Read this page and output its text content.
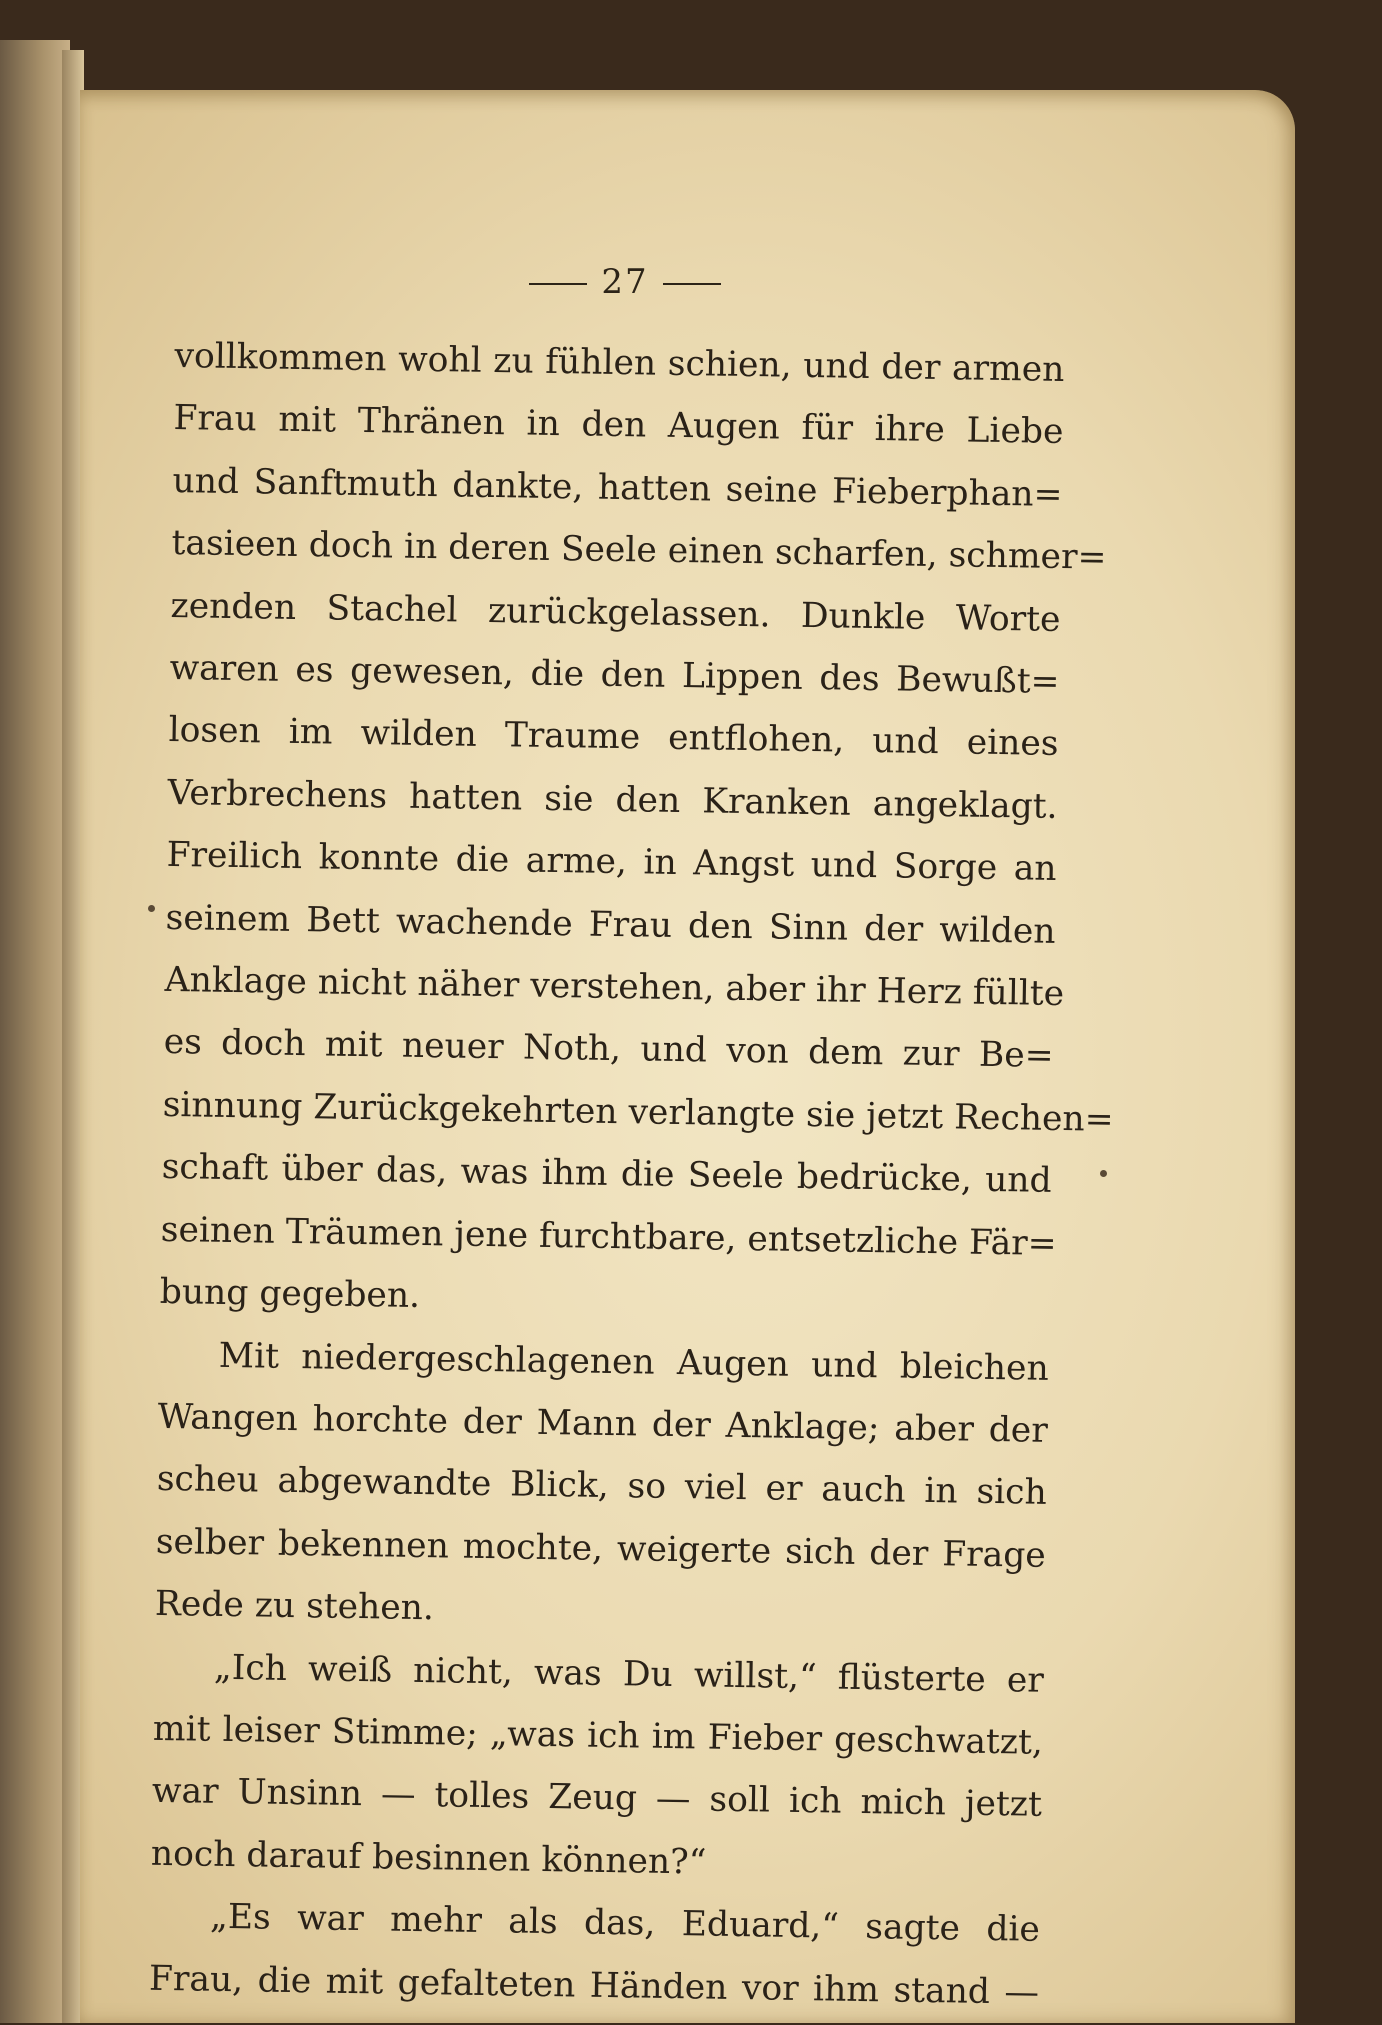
27
vollkommen wohl zu fühlen schien, und der armen
Frau mit Thränen in den Augen für ihre Liebe
und Sanftmuth dankte, hatten seine Fieberphan=
tasieen doch in deren Seele einen scharfen, schmer=
zenden Stachel zurückgelassen. Dunkle Worte
waren es gewesen, die den Lippen des Bewußt=
losen im wilden Traume entflohen, und eines
Verbrechens hatten sie den Kranken angeklagt.
Freilich konnte die arme, in Angst und Sorge an
seinem Bett wachende Frau den Sinn der wilden
Anklage nicht näher verstehen, aber ihr Herz füllte
es doch mit neuer Noth, und von dem zur Be=
sinnung Zurückgekehrten verlangte sie jetzt Rechen=
schaft über das, was ihm die Seele bedrücke, und
seinen Träumen jene furchtbare, entsetzliche Fär=
bung gegeben.
Mit niedergeschlagenen Augen und bleichen
Wangen horchte der Mann der Anklage; aber der
scheu abgewandte Blick, so viel er auch in sich
selber bekennen mochte, weigerte sich der Frage
Rede zu stehen.
„Ich weiß nicht, was Du willst,“ flüsterte er
mit leiser Stimme; „was ich im Fieber geschwatzt,
war Unsinn — tolles Zeug — soll ich mich jetzt
noch darauf besinnen können?“
„Es war mehr als das, Eduard,“ sagte die
Frau, die mit gefalteten Händen vor ihm stand —
